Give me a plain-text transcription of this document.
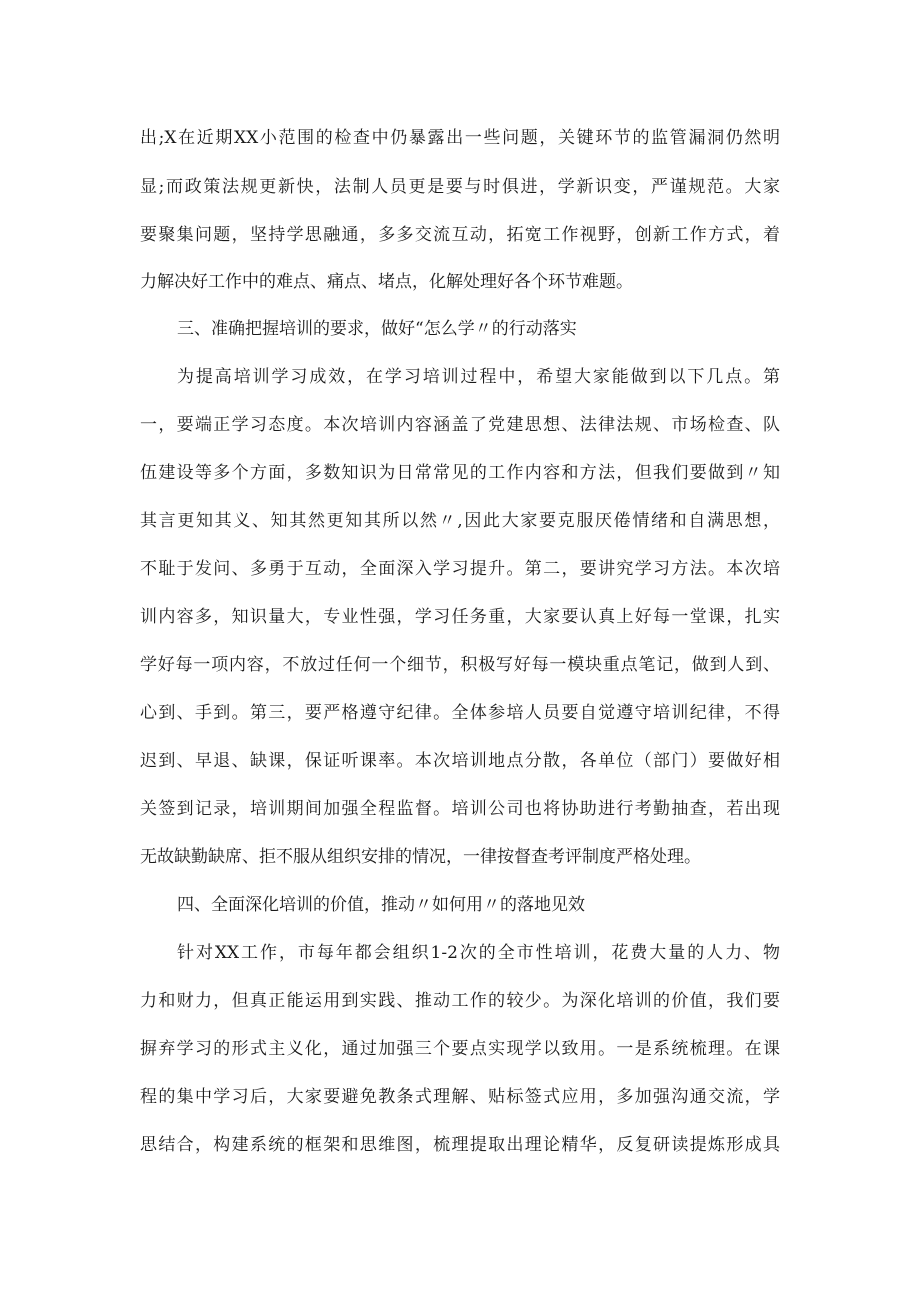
出;X在近期XX小范围的检查中仍暴露出一些问题，关键环节的监管漏洞仍然明
显;而政策法规更新快，法制人员更是要与时俱进，学新识变，严谨规范。大家
要聚集问题，坚持学思融通，多多交流互动，拓宽工作视野，创新工作方式，着
力解决好工作中的难点、痛点、堵点，化解处理好各个环节难题。
三、准确把握培训的要求，做好“怎么学〃的行动落实
为提高培训学习成效，在学习培训过程中，希望大家能做到以下几点。第
一，要端正学习态度。本次培训内容涵盖了党建思想、法律法规、市场检查、队
伍建设等多个方面，多数知识为日常常见的工作内容和方法，但我们要做到〃知
其言更知其义、知其然更知其所以然〃,因此大家要克服厌倦情绪和自满思想，
不耻于发问、多勇于互动，全面深入学习提升。第二，要讲究学习方法。本次培
训内容多，知识量大，专业性强，学习任务重，大家要认真上好每一堂课，扎实
学好每一项内容，不放过任何一个细节，积极写好每一模块重点笔记，做到人到、
心到、手到。第三，要严格遵守纪律。全体参培人员要自觉遵守培训纪律，不得
迟到、早退、缺课，保证听课率。本次培训地点分散，各单位（部门）要做好相
关签到记录，培训期间加强全程监督。培训公司也将协助进行考勤抽查，若出现
无故缺勤缺席、拒不服从组织安排的情况，一律按督查考评制度严格处理。
四、全面深化培训的价值，推动〃如何用〃的落地见效
针对XX工作，市每年都会组织1-2次的全市性培训，花费大量的人力、物
力和财力，但真正能运用到实践、推动工作的较少。为深化培训的价值，我们要
摒弃学习的形式主义化，通过加强三个要点实现学以致用。一是系统梳理。在课
程的集中学习后，大家要避免教条式理解、贴标签式应用，多加强沟通交流，学
思结合，构建系统的框架和思维图，梳理提取出理论精华，反复研读提炼形成具
